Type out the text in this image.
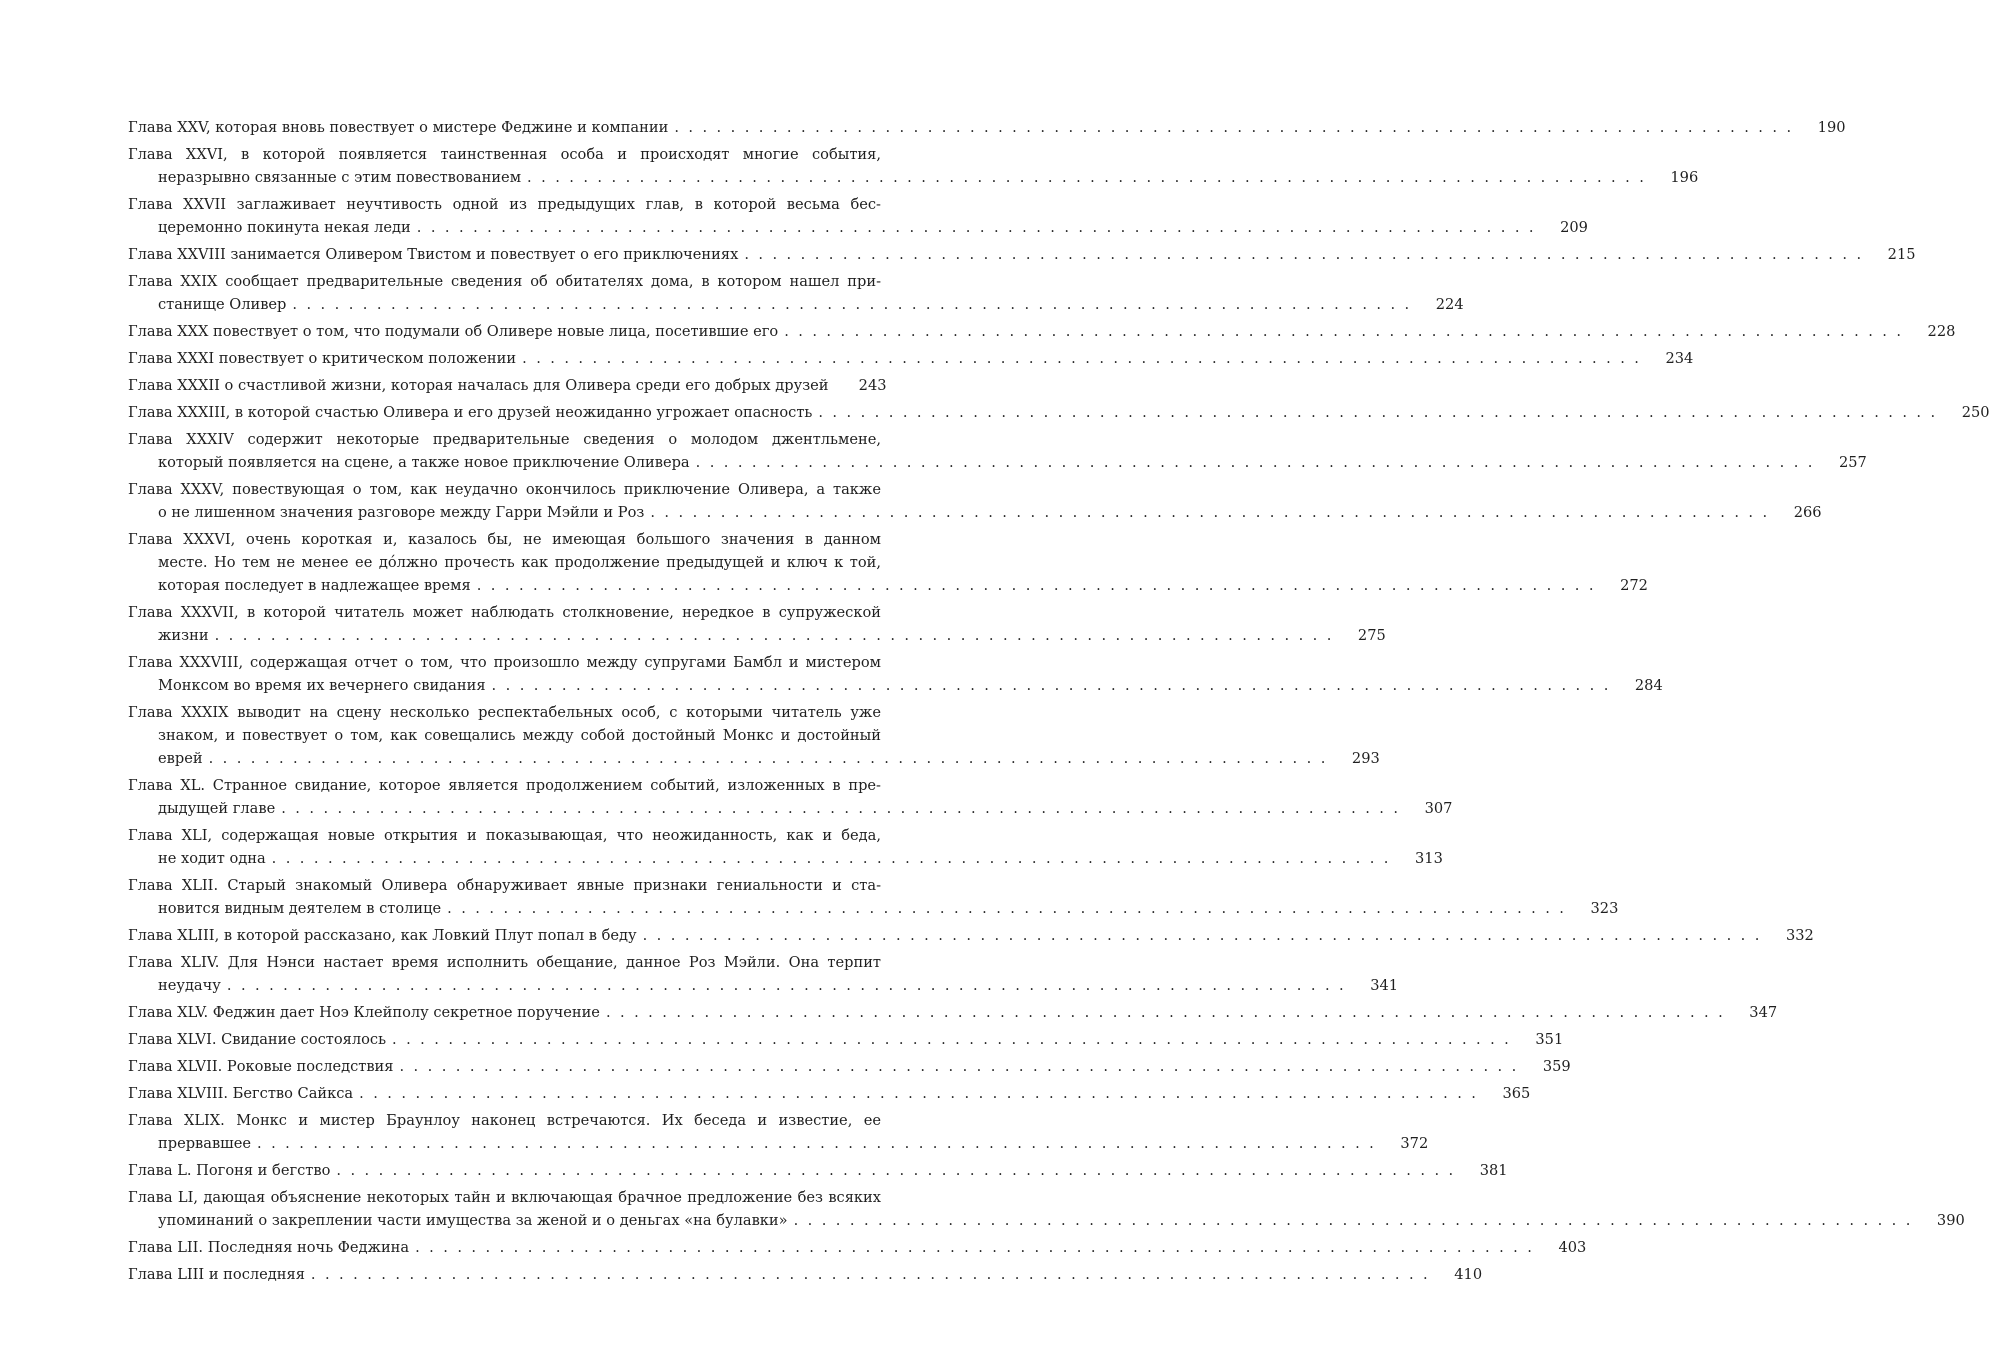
Глава XXV, которая вновь повествует о мистере Феджине и компании . . . . . . . . . . . . . . . . . . . . . . . . . . . . . . . . . . . . . . . . . . . . . . . . . . . . . . . . . . . . . . . . . . . . . . . . . . . . . . . .	190
Глава XXVI, в которой появляется таинственная особа и происходят многие события,
неразрывно связанные с этим повествованием . . . . . . . . . . . . . . . . . . . . . . . . . . . . . . . . . . . . . . . . . . . . . . . . . . . . . . . . . . . . . . . . . . . . . . . . . . . . . . . .	196
Глава XXVII заглаживает неучтивость одной из предыдущих глав, в которой весьма бес-
церемонно покинута некая леди . . . . . . . . . . . . . . . . . . . . . . . . . . . . . . . . . . . . . . . . . . . . . . . . . . . . . . . . . . . . . . . . . . . . . . . . . . . . . . . .	209
Глава XXVIII занимается Оливером Твистом и повествует о его приключениях . . . . . . . . . . . . . . . . . . . . . . . . . . . . . . . . . . . . . . . . . . . . . . . . . . . . . . . . . . . . . . . . . . . . . . . . . . . . . . . .	215
Глава XXIX сообщает предварительные сведения об обитателях дома, в котором нашел при-
станище Оливер . . . . . . . . . . . . . . . . . . . . . . . . . . . . . . . . . . . . . . . . . . . . . . . . . . . . . . . . . . . . . . . . . . . . . . . . . . . . . . . .	224
Глава XXX повествует о том, что подумали об Оливере новые лица, посетившие его . . . . . . . . . . . . . . . . . . . . . . . . . . . . . . . . . . . . . . . . . . . . . . . . . . . . . . . . . . . . . . . . . . . . . . . . . . . . . . . .	228
Глава XXXI повествует о критическом положении . . . . . . . . . . . . . . . . . . . . . . . . . . . . . . . . . . . . . . . . . . . . . . . . . . . . . . . . . . . . . . . . . . . . . . . . . . . . . . . .	234
Глава XXXII о счастливой жизни, которая началась для Оливера среди его добрых друзей	243
Глава XXXIII, в которой счастью Оливера и его друзей неожиданно угрожает опасность . . . . . . . . . . . . . . . . . . . . . . . . . . . . . . . . . . . . . . . . . . . . . . . . . . . . . . . . . . . . . . . . . . . . . . . . . . . . . . . .	250
Глава XXXIV содержит некоторые предварительные сведения о молодом джентльмене,
который появляется на сцене, а также новое приключение Оливера . . . . . . . . . . . . . . . . . . . . . . . . . . . . . . . . . . . . . . . . . . . . . . . . . . . . . . . . . . . . . . . . . . . . . . . . . . . . . . . .	257
Глава XXXV, повествующая о том, как неудачно окончилось приключение Оливера, а также
о не лишенном значения разговоре между Гарри Мэйли и Роз . . . . . . . . . . . . . . . . . . . . . . . . . . . . . . . . . . . . . . . . . . . . . . . . . . . . . . . . . . . . . . . . . . . . . . . . . . . . . . . .	266
Глава XXXVI, очень короткая и, казалось бы, не имеющая большого значения в данном
месте. Но тем не менее ее дóлжно прочесть как продолжение предыдущей и ключ к той,
которая последует в надлежащее время . . . . . . . . . . . . . . . . . . . . . . . . . . . . . . . . . . . . . . . . . . . . . . . . . . . . . . . . . . . . . . . . . . . . . . . . . . . . . . . .	272
Глава XXXVII, в которой читатель может наблюдать столкновение, нередкое в супружеской
жизни . . . . . . . . . . . . . . . . . . . . . . . . . . . . . . . . . . . . . . . . . . . . . . . . . . . . . . . . . . . . . . . . . . . . . . . . . . . . . . . .	275
Глава XXXVIII, содержащая отчет о том, что произошло между супругами Бамбл и мистером
Монксом во время их вечернего свидания . . . . . . . . . . . . . . . . . . . . . . . . . . . . . . . . . . . . . . . . . . . . . . . . . . . . . . . . . . . . . . . . . . . . . . . . . . . . . . . .	284
Глава XXXIX выводит на сцену несколько респектабельных особ, с которыми читатель уже
знаком, и повествует о том, как совещались между собой достойный Монкс и достойный
еврей . . . . . . . . . . . . . . . . . . . . . . . . . . . . . . . . . . . . . . . . . . . . . . . . . . . . . . . . . . . . . . . . . . . . . . . . . . . . . . . .	293
Глава XL. Странное свидание, которое является продолжением событий, изложенных в пре-
дыдущей главе . . . . . . . . . . . . . . . . . . . . . . . . . . . . . . . . . . . . . . . . . . . . . . . . . . . . . . . . . . . . . . . . . . . . . . . . . . . . . . . .	307
Глава XLI, содержащая новые открытия и показывающая, что неожиданность, как и беда,
не ходит одна . . . . . . . . . . . . . . . . . . . . . . . . . . . . . . . . . . . . . . . . . . . . . . . . . . . . . . . . . . . . . . . . . . . . . . . . . . . . . . . .	313
Глава XLII. Старый знакомый Оливера обнаруживает явные признаки гениальности и ста-
новится видным деятелем в столице . . . . . . . . . . . . . . . . . . . . . . . . . . . . . . . . . . . . . . . . . . . . . . . . . . . . . . . . . . . . . . . . . . . . . . . . . . . . . . . .	323
Глава XLIII, в которой рассказано, как Ловкий Плут попал в беду . . . . . . . . . . . . . . . . . . . . . . . . . . . . . . . . . . . . . . . . . . . . . . . . . . . . . . . . . . . . . . . . . . . . . . . . . . . . . . . .	332
Глава XLIV. Для Нэнси настает время исполнить обещание, данное Роз Мэйли. Она терпит
неудачу . . . . . . . . . . . . . . . . . . . . . . . . . . . . . . . . . . . . . . . . . . . . . . . . . . . . . . . . . . . . . . . . . . . . . . . . . . . . . . . .	341
Глава XLV. Феджин дает Ноэ Клейполу секретное поручение . . . . . . . . . . . . . . . . . . . . . . . . . . . . . . . . . . . . . . . . . . . . . . . . . . . . . . . . . . . . . . . . . . . . . . . . . . . . . . . .	347
Глава XLVI. Свидание состоялось . . . . . . . . . . . . . . . . . . . . . . . . . . . . . . . . . . . . . . . . . . . . . . . . . . . . . . . . . . . . . . . . . . . . . . . . . . . . . . . .	351
Глава XLVII. Роковые последствия . . . . . . . . . . . . . . . . . . . . . . . . . . . . . . . . . . . . . . . . . . . . . . . . . . . . . . . . . . . . . . . . . . . . . . . . . . . . . . . .	359
Глава XLVIII. Бегство Сайкса . . . . . . . . . . . . . . . . . . . . . . . . . . . . . . . . . . . . . . . . . . . . . . . . . . . . . . . . . . . . . . . . . . . . . . . . . . . . . . . .	365
Глава XLIX. Монкс и мистер Браунлоу наконец встречаются. Их беседа и известие, ее
прервавшее . . . . . . . . . . . . . . . . . . . . . . . . . . . . . . . . . . . . . . . . . . . . . . . . . . . . . . . . . . . . . . . . . . . . . . . . . . . . . . . .	372
Глава L. Погоня и бегство . . . . . . . . . . . . . . . . . . . . . . . . . . . . . . . . . . . . . . . . . . . . . . . . . . . . . . . . . . . . . . . . . . . . . . . . . . . . . . . .	381
Глава LI, дающая объяснение некоторых тайн и включающая брачное предложение без всяких
упоминаний о закреплении части имущества за женой и о деньгах «на булавки» . . . . . . . . . . . . . . . . . . . . . . . . . . . . . . . . . . . . . . . . . . . . . . . . . . . . . . . . . . . . . . . . . . . . . . . . . . . . . . . .	390
Глава LII. Последняя ночь Феджина . . . . . . . . . . . . . . . . . . . . . . . . . . . . . . . . . . . . . . . . . . . . . . . . . . . . . . . . . . . . . . . . . . . . . . . . . . . . . . . .	403
Глава LIII и последняя . . . . . . . . . . . . . . . . . . . . . . . . . . . . . . . . . . . . . . . . . . . . . . . . . . . . . . . . . . . . . . . . . . . . . . . . . . . . . . . .	410
